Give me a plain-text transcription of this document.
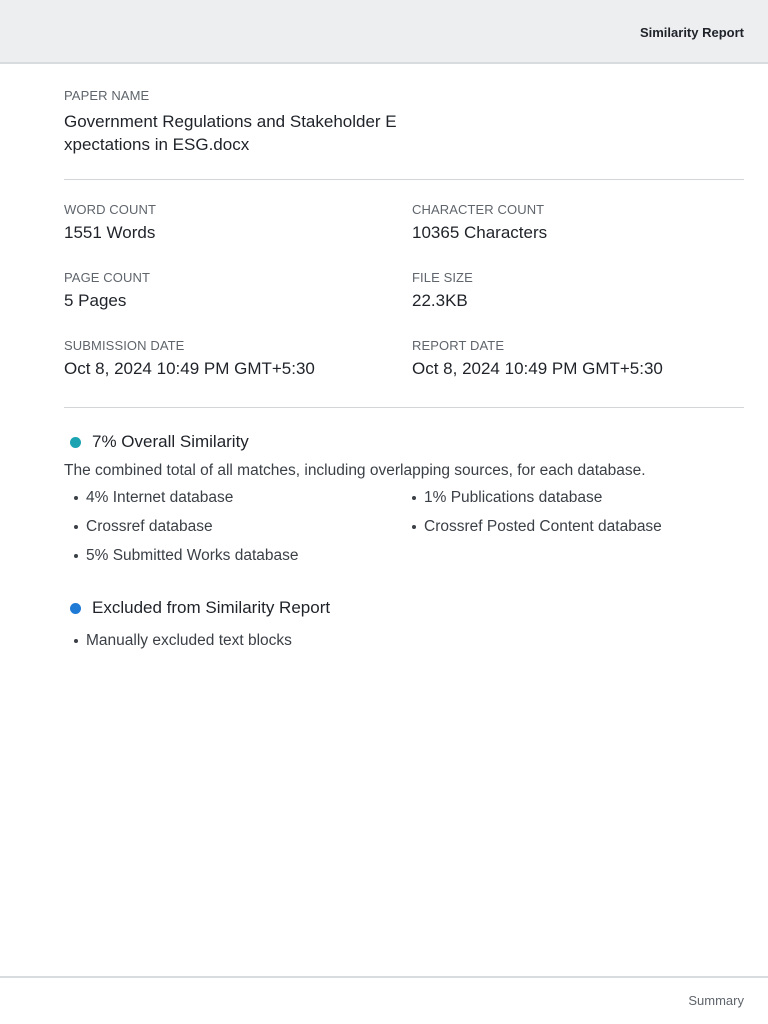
Similarity Report
PAPER NAME
Government Regulations and Stakeholder Expectations in ESG.docx
WORD COUNT
1551 Words
CHARACTER COUNT
10365 Characters
PAGE COUNT
5 Pages
FILE SIZE
22.3KB
SUBMISSION DATE
Oct 8, 2024 10:49 PM GMT+5:30
REPORT DATE
Oct 8, 2024 10:49 PM GMT+5:30
7% Overall Similarity
The combined total of all matches, including overlapping sources, for each database.
4% Internet database	1% Publications database
Crossref database	Crossref Posted Content database
5% Submitted Works database
Excluded from Similarity Report
Manually excluded text blocks
Summary
